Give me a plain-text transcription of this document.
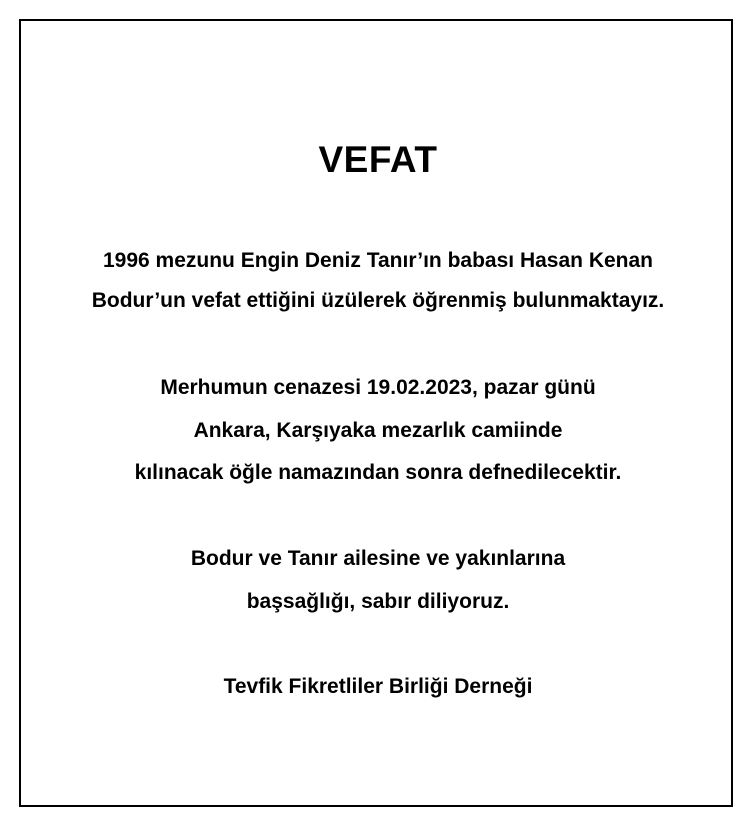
VEFAT
1996 mezunu Engin Deniz Tanır’ın babası Hasan Kenan
Bodur’un vefat ettiğini üzülerek öğrenmiş bulunmaktayız.
Merhumun cenazesi 19.02.2023, pazar günü
Ankara, Karşıyaka mezarlık camiinde
kılınacak öğle namazından sonra defnedilecektir.
Bodur ve Tanır ailesine ve yakınlarına
başsağlığı, sabır diliyoruz.
Tevfik Fikretliler Birliği Derneği
